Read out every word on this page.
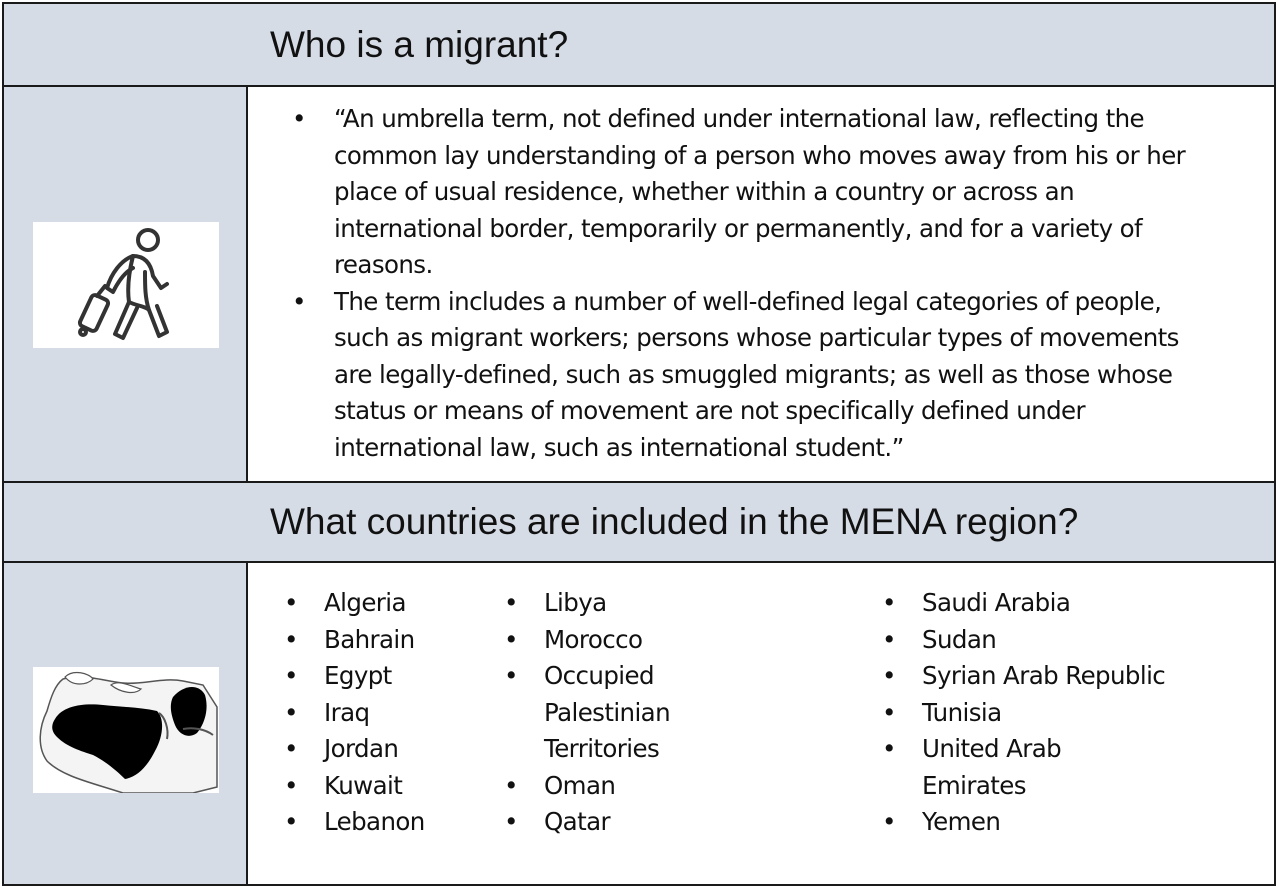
Who is a migrant?
• “An umbrella term, not defined under international law, reflecting the common lay understanding of a person who moves away from his or her place of usual residence, whether within a country or across an international border, temporarily or permanently, and for a variety of reasons.
• The term includes a number of well-defined legal categories of people, such as migrant workers; persons whose particular types of movements are legally-defined, such as smuggled migrants; as well as those whose status or means of movement are not specifically defined under international law, such as international student.”
What countries are included in the MENA region?
• Algeria
• Bahrain
• Egypt
• Iraq
• Jordan
• Kuwait
• Lebanon
• Libya
• Morocco
• Occupied Palestinian Territories
• Oman
• Qatar
• Saudi Arabia
• Sudan
• Syrian Arab Republic
• Tunisia
• United Arab Emirates
• Yemen
